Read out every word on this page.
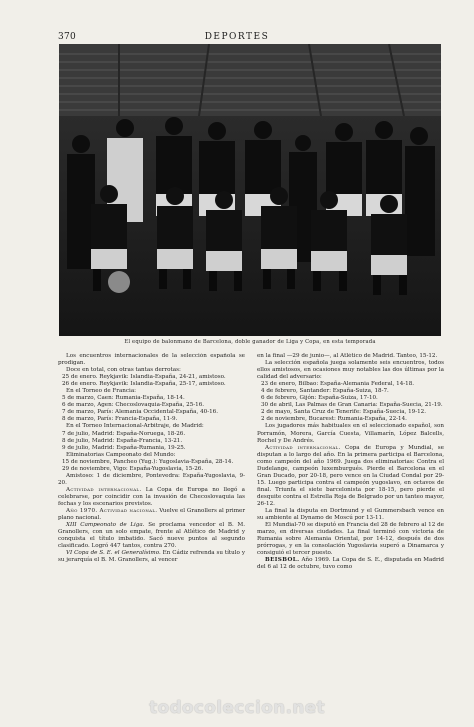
370	DEPORTES
El equipo de balonmano de Barcelona, doble ganador de Liga y Copa, en esta temporada

Los encuentros internacionales de la selección española se prodigan.

Doce en total, con otras tantas derrotas:

25 de enero. Reykjavik: Islandia-España, 24-21, amistoso.

26 de enero. Reykjavik: Islandia-España, 25-17, amistoso.

En el Torneo de Francia:

5 de marzo, Caen: Rumania-España, 18-14.

6 de marzo, Agen: Checoslovaquia-España, 25-16.

7 de marzo, París: Alemania Occidental-España, 40-16.

8 de marzo, París: Francia-España, 11-9.

En el Torneo Internacional-Arbitraje, de Madrid:

7 de julio, Madrid: España-Noruega, 18-26.

8 de julio, Madrid: España-Francia, 13-21.

9 de julio, Madrid: España-Rumania, 19-25.

Eliminatorias Campeonato del Mundo:

15 de noviembre, Pancheo (Yug.): Yugoslavia-España, 28-14.

29 de noviembre, Vigo: España-Yugoslavia, 15-26.

Amistoso: 1 de diciembre, Pontevedra: España-Yugoslavia, 9-20.

Actividad internacional. La Copa de Europa no llegó a celebrarse, por coincidir con la invasión de Checoslovaquia las fechas y los escenarios previstos.

Año 1970. Actividad nacional. Vuelve el Granollers al primer plano nacional.

XIII Campeonato de Liga. Se proclama vencedor el B. M. Granollers, con un solo empate, frente al Atlético de Madrid y conquista el título imbatido. Sacó nueve puntos al segundo clasificado. Logró 447 tantos, contra 270.

VI Copa de S. E. el Generalísimo. En Cádiz refrenda su título y su jerarquía el B. M. Granollers, al vencer

en la final —29 de junio—, al Atlético de Madrid. Tanteo, 15-12.

La selección española juega solamente seis encuentros, todos ellos amistosos, en ocasiones muy notables las dos últimas por la calidad del adversario:

23 de enero, Bilbao: España-Alemania Federal, 14-18.

4 de febrero, Santander: España-Suiza, 18-7.

6 de febrero, Gijón: España-Suiza, 17-10.

30 de abril, Las Palmas de Gran Canaria: España-Suecia, 21-19.

2 de mayo, Santa Cruz de Tenerife: España-Suecia, 19-12.

2 de noviembre, Bucarest: Rumania-España, 22-14.

Los jugadores más habituales en el seleccionado español, son Porramón, Morera, García Cuesta, Villamarín, López Balcells, Rochel y De Andrés.

Actividad internacional. Copa de Europa y Mundial, se disputan a lo largo del año. En la primera participa el Barcelona, como campeón del año 1969. Juega dos eliminatorias: Contra el Dudelange, campeón luxemburgués. Pierde el Barcelona en el Gran Ducado, por 20-18, pero vence en la Ciudad Condal por 29-15. Luego participa contra el campeón yugoslavo, en octavos de final. Triunfa el siete barcelonista por 18-15, pero pierde el desquite contra el Estrella Roja de Belgrado por un tanteo mayor, 26-12.

La final la disputa en Dortmund y el Gummersbach vence en su ambiente al Dynamo de Moscú por 13-11.

El Mundial-70 se disputó en Francia del 28 de febrero al 12 de marzo, en diversas ciudades. La final terminó con victoria de Rumania sobre Alemania Oriental, por 14-12, después de dos prórrogas, y en la consolación Yugoslavia superó a Dinamarca y consiguió el tercer puesto.

BEISBOL. Año 1969. La Copa de S. E., disputada en Madrid del 6 al 12 de octubre, tuvo como

todocoleccion.net
